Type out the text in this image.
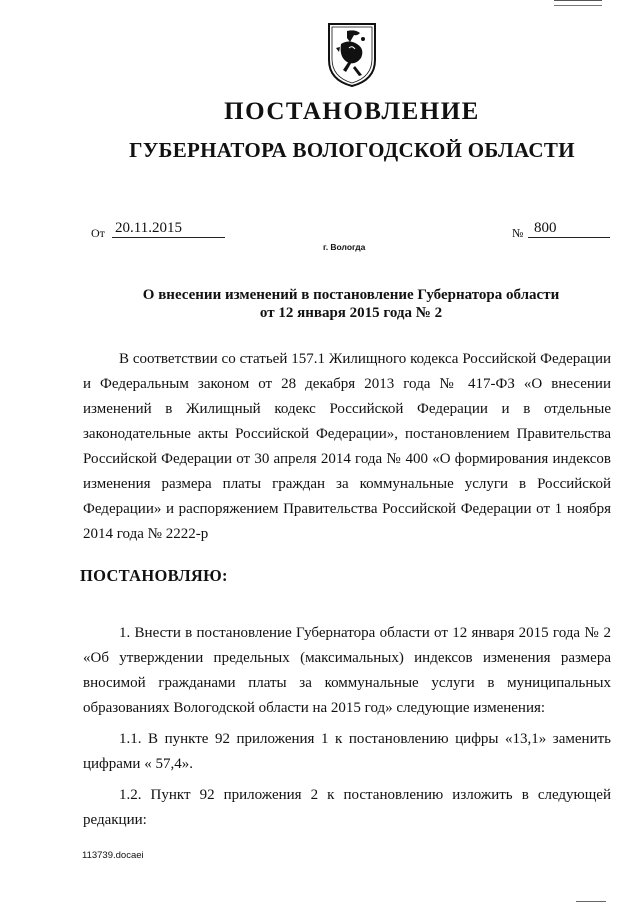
ПОСТАНОВЛЕНИЕ
ГУБЕРНАТОРА ВОЛОГОДСКОЙ ОБЛАСТИ
От 20.11.2015	№ 800
г. Вологда
О внесении изменений в постановление Губернатора области
от 12 января 2015 года № 2
В соответствии со статьей 157.1 Жилищного кодекса Российской Федерации и Федеральным законом от 28 декабря 2013 года № 417-ФЗ «О внесении изменений в Жилищный кодекс Российской Федерации и в отдельные законодательные акты Российской Федерации», постановлением Правительства Российской Федерации от 30 апреля 2014 года № 400 «О формирования индексов изменения размера платы граждан за коммунальные услуги в Российской Федерации» и распоряжением Правительства Российской Федерации от 1 ноября 2014 года № 2222-р
ПОСТАНОВЛЯЮ:
1. Внести в постановление Губернатора области от 12 января 2015 года № 2 «Об утверждении предельных (максимальных) индексов изменения размера вносимой гражданами платы за коммунальные услуги в муниципальных образованиях Вологодской области на 2015 год» следующие изменения:
1.1. В пункте 92 приложения 1 к постановлению цифры «13,1» заменить цифрами « 57,4».
1.2. Пункт 92 приложения 2 к постановлению изложить в следующей редакции:
113739.docaei
